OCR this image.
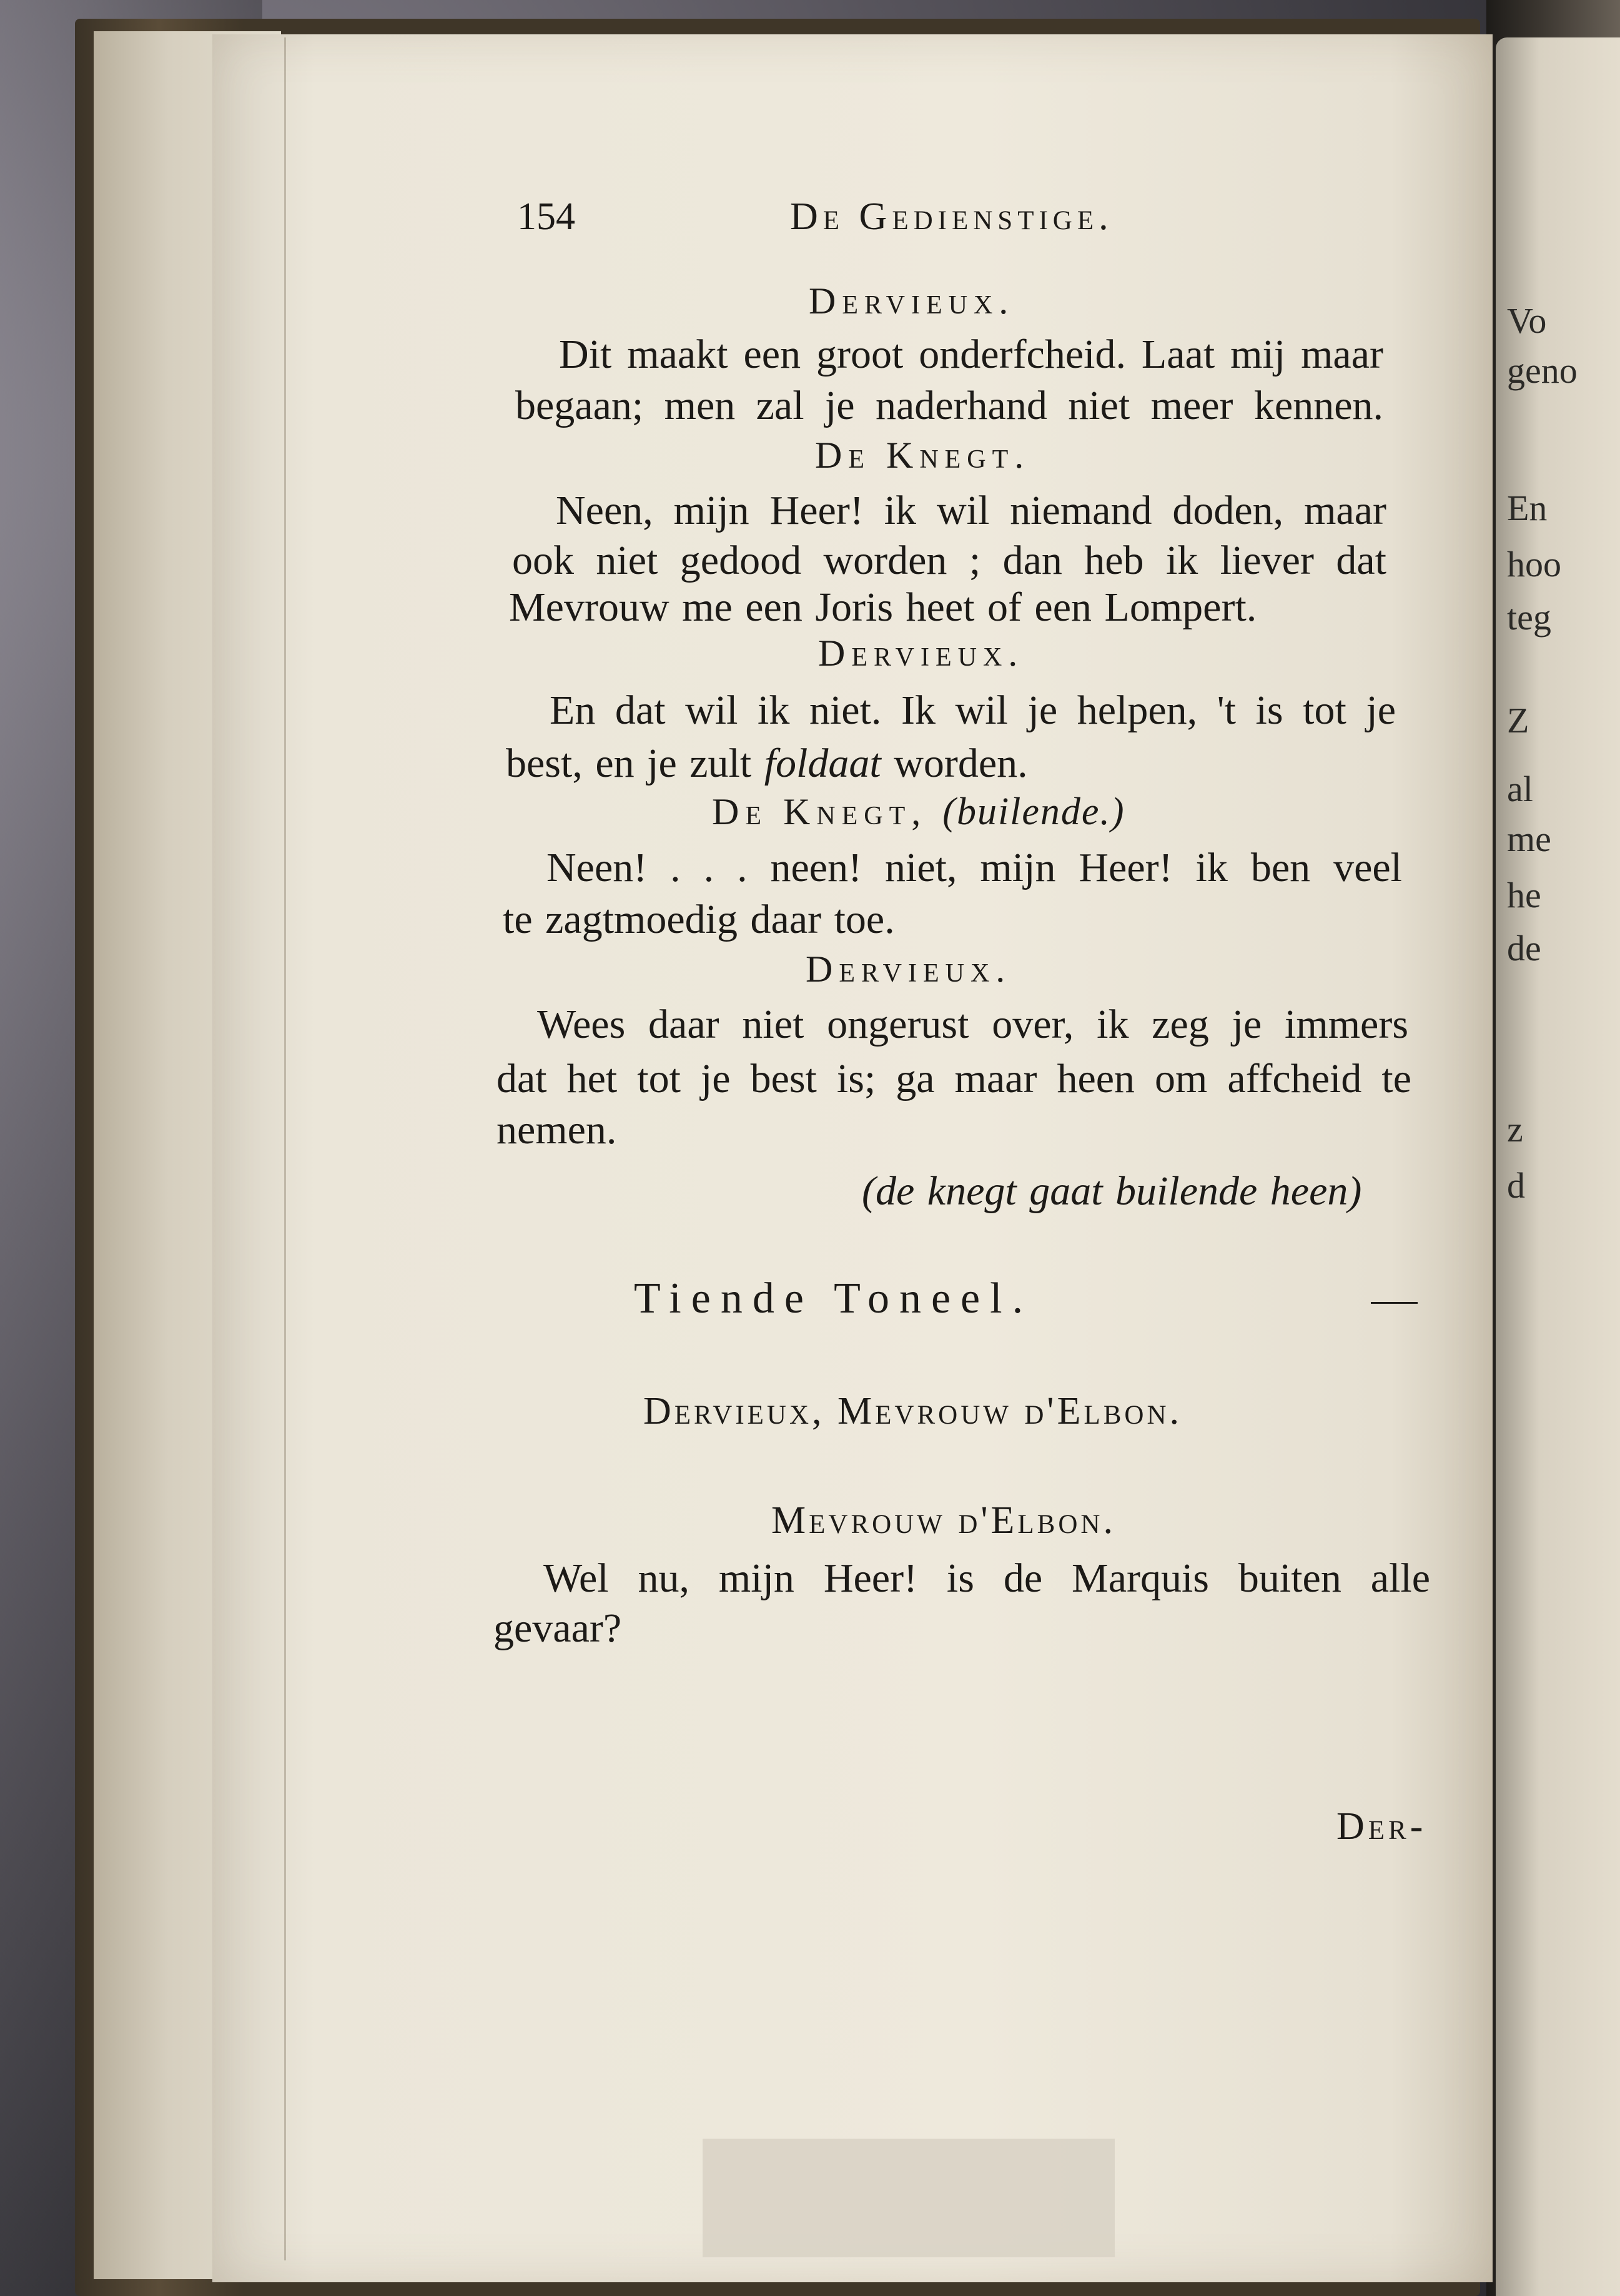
Vo
geno
En
hoo
teg
Z
al
me
he
de
z
d

154	De Gedienstige.
Dervieux.
Dit maakt een groot onderfcheid. Laat mij maar
begaan; men zal je naderhand niet meer kennen.
De Knegt.
Neen, mijn Heer! ik wil niemand doden, maar
ook niet gedood worden ; dan heb ik liever dat
Mevrouw me een Joris heet of een Lompert.
Dervieux.
En dat wil ik niet. Ik wil je helpen, 't is tot je
best, en je zult foldaat worden.
De Knegt, (builende.)
Neen! . . . neen! niet, mijn Heer! ik ben veel
te zagtmoedig daar toe.
Dervieux.
Wees daar niet ongerust over, ik zeg je immers
dat het tot je best is; ga maar heen om affcheid te
nemen.
(de knegt gaat builende heen)
Tiende Toneel.
Dervieux, Mevrouw d'Elbon.
Mevrouw d'Elbon.
Wel nu, mijn Heer! is de Marquis buiten alle
gevaar?
Der-
